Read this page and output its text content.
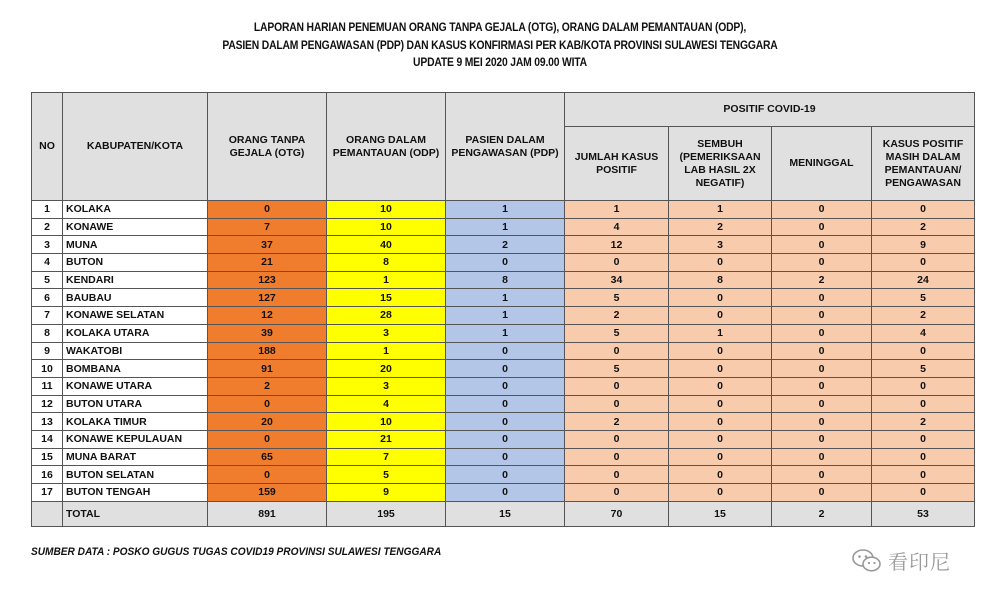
LAPORAN HARIAN PENEMUAN ORANG TANPA GEJALA (OTG), ORANG DALAM PEMANTAUAN (ODP),
PASIEN DALAM PENGAWASAN (PDP) DAN KASUS KONFIRMASI PER KAB/KOTA PROVINSI SULAWESI TENGGARA
UPDATE 9 MEI 2020 JAM 09.00 WITA
NO	KABUPATEN/KOTA	ORANG TANPA GEJALA (OTG)	ORANG DALAM PEMANTAUAN (ODP)	PASIEN DALAM PENGAWASAN (PDP)	POSITIF COVID-19			
					JUMLAH KASUS POSITIF	SEMBUH (PEMERIKSAAN LAB HASIL 2X NEGATIF)	MENINGGAL	KASUS POSITIF MASIH DALAM PEMANTAUAN/ PENGAWASAN
1	KOLAKA	0	10	1	1	1	0	0
2	KONAWE	7	10	1	4	2	0	2
3	MUNA	37	40	2	12	3	0	9
4	BUTON	21	8	0	0	0	0	0
5	KENDARI	123	1	8	34	8	2	24
6	BAUBAU	127	15	1	5	0	0	5
7	KONAWE SELATAN	12	28	1	2	0	0	2
8	KOLAKA UTARA	39	3	1	5	1	0	4
9	WAKATOBI	188	1	0	0	0	0	0
10	BOMBANA	91	20	0	5	0	0	5
11	KONAWE UTARA	2	3	0	0	0	0	0
12	BUTON UTARA	0	4	0	0	0	0	0
13	KOLAKA TIMUR	20	10	0	2	0	0	2
14	KONAWE KEPULAUAN	0	21	0	0	0	0	0
15	MUNA BARAT	65	7	0	0	0	0	0
16	BUTON SELATAN	0	5	0	0	0	0	0
17	BUTON TENGAH	159	9	0	0	0	0	0
	TOTAL	891	195	15	70	15	2	53
SUMBER DATA : POSKO GUGUS TUGAS COVID19 PROVINSI SULAWESI TENGGARA	看印尼
